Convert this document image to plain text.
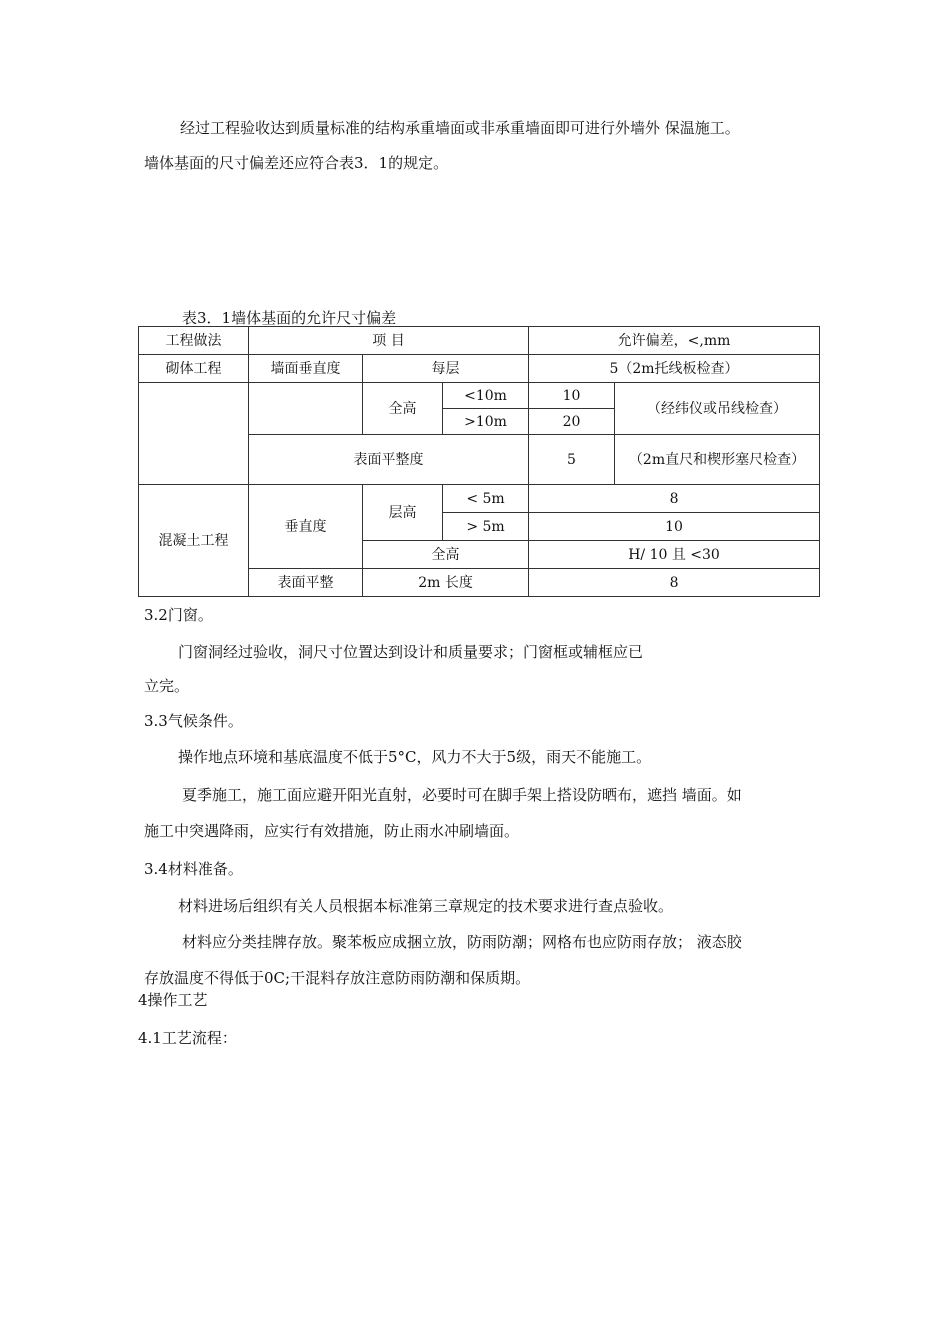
经过工程验收达到质量标准的结构承重墙面或非承重墙面即可进行外墙外 保温施工。
墙体基面的尺寸偏差还应符合表3．1的规定。
表3．1墙体基面的允许尺寸偏差
工程做法	项 目			允许偏差，<,mm	
砌体工程	墙面垂直度	每层		5（2m托线板检查）	
		全高	<10m	10	（经纬仪或吊线检查）
			>10m	20	
	表面平整度			5	（2m直尺和楔形塞尺检查）
混凝土工程	垂直度	层高	< 5m	8	
			> 5m	10	
		全高		H/ 10 且 <30	
	表面平整	2m 长度		8	
3.2门窗。
门窗洞经过验收，洞尺寸位置达到设计和质量要求；门窗框或辅框应已
立完。
3.3气候条件。
操作地点环境和基底温度不低于5°C，风力不大于5级，雨天不能施工。
夏季施工，施工面应避开阳光直射，必要时可在脚手架上搭设防晒布，遮挡 墙面。如
施工中突遇降雨，应实行有效措施，防止雨水冲刷墙面。
3.4材料准备。
材料进场后组织有关人员根据本标准第三章规定的技术要求进行查点验收。
材料应分类挂牌存放。聚苯板应成捆立放，防雨防潮；网格布也应防雨存放； 液态胶
存放温度不得低于0C;干混料存放注意防雨防潮和保质期。
4操作工艺
4.1工艺流程：
